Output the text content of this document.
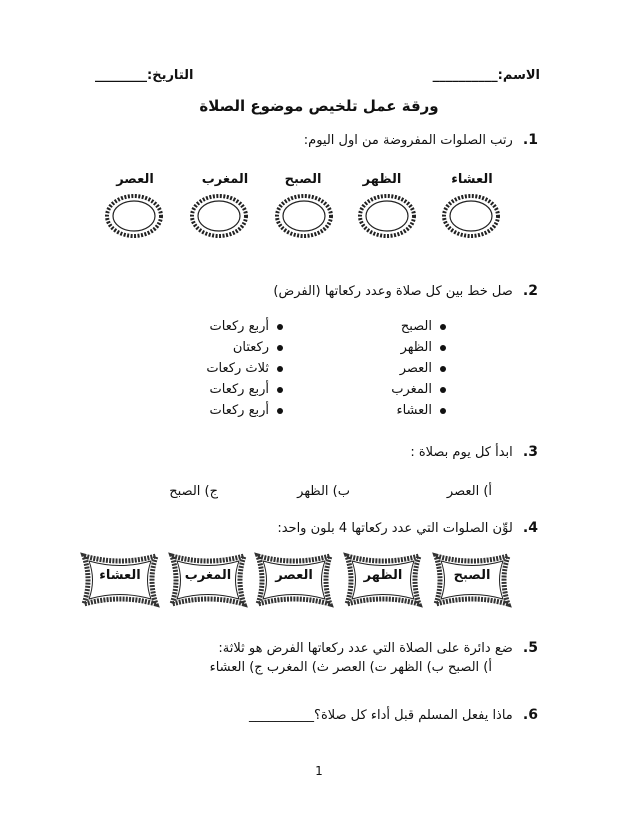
الاسم:__________
التاريخ:________
ورقة عمل تلخيص موضوع الصلاة
1. رتب الصلوات المفروضة من اول اليوم:
العشاء
الظهر
الصبح
المغرب
العصر
2. صل خط بين كل صلاة وعدد ركعاتها (الفرض)
الصبح
الظهر
العصر
المغرب
العشاء
أربع ركعات
ركعتان
ثلاث ركعات
أربع ركعات
أربع ركعات
3. ابدأ كل يوم بصلاة :
أ) العصر
ب) الظهر
ج) الصبح
4. لوِّن الصلوات التي عدد ركعاتها 4 بلون واحد:
الصبح
الظهر
العصر
المغرب
العشاء
5. ضع دائرة على الصلاة التي عدد ركعاتها الفرض هو ثلاثة:
أ) الصبح ب) الظهر ت) العصر ث) المغرب ج) العشاء
6. ماذا يفعل المسلم قبل أداء كل صلاة؟__________
1
